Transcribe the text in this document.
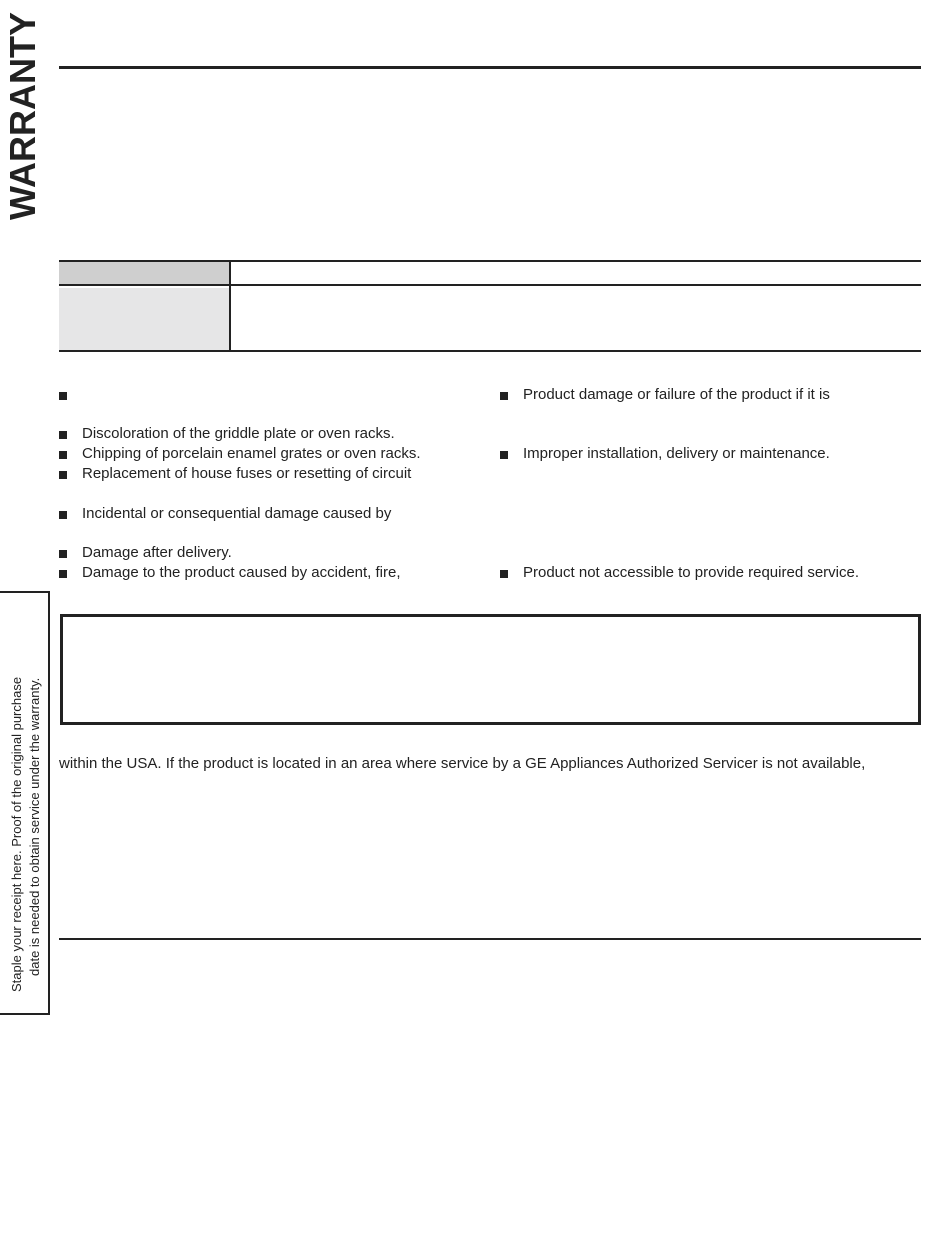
WARRANTY
Discoloration of the griddle plate or oven racks.
Chipping of porcelain enamel grates or oven racks.
Replacement of house fuses or resetting of circuit
Incidental or consequential damage caused by
Damage after delivery.
Damage to the product caused by accident, fire,
Product damage or failure of the product if it is
Improper installation, delivery or maintenance.
Product not accessible to provide required service.
within the USA. If the product is located in an area where service by a GE Appliances Authorized Servicer is not available,
Staple your receipt here. Proof of the original purchase date is needed to obtain service under the warranty.
